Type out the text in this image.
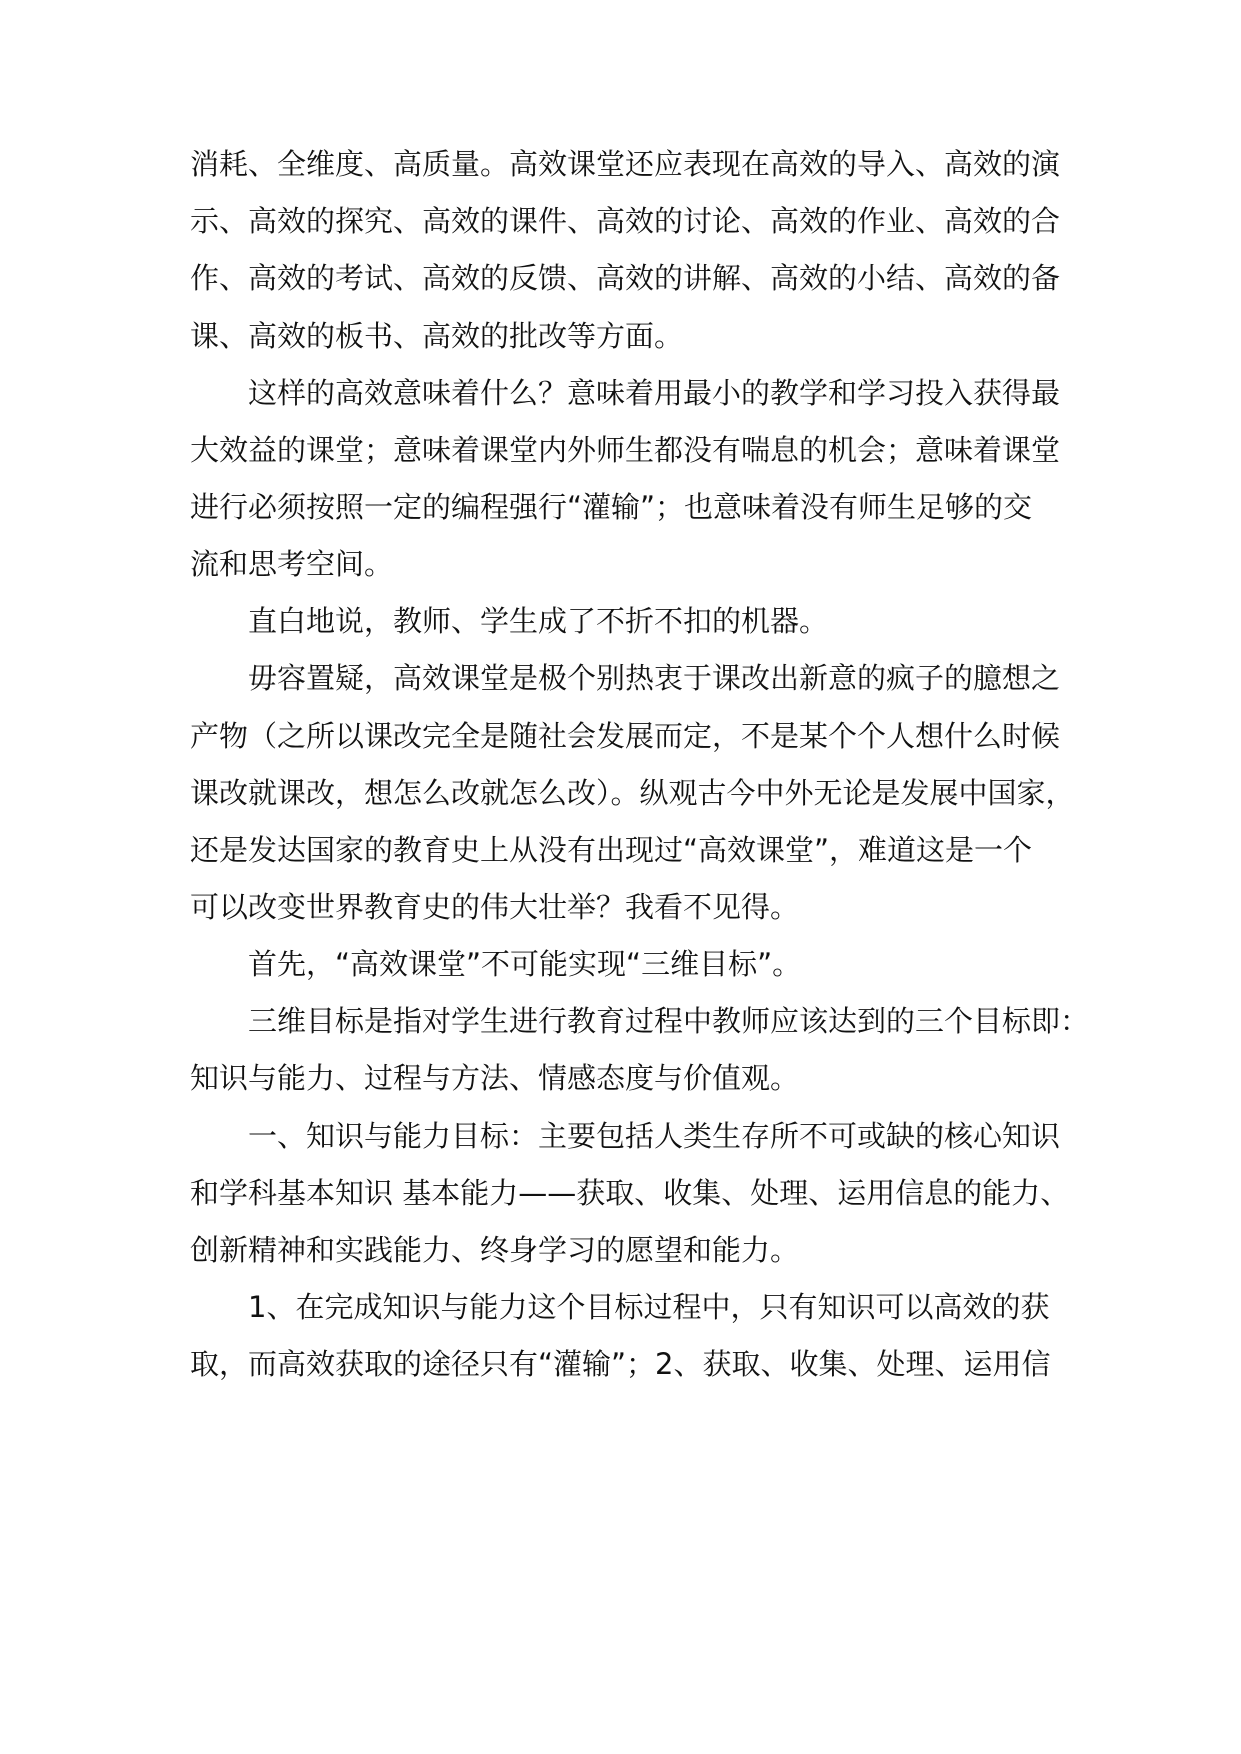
消耗、全维度、高质量。高效课堂还应表现在高效的导入、高效的演
示、高效的探究、高效的课件、高效的讨论、高效的作业、高效的合
作、高效的考试、高效的反馈、高效的讲解、高效的小结、高效的备
课、高效的板书、高效的批改等方面。
这样的高效意味着什么？意味着用最小的教学和学习投入获得最
大效益的课堂；意味着课堂内外师生都没有喘息的机会；意味着课堂
进行必须按照一定的编程强行“灌输”；也意味着没有师生足够的交
流和思考空间。
直白地说，教师、学生成了不折不扣的机器。
毋容置疑，高效课堂是极个别热衷于课改出新意的疯子的臆想之
产物（之所以课改完全是随社会发展而定，不是某个个人想什么时候
课改就课改，想怎么改就怎么改）。纵观古今中外无论是发展中国家，
还是发达国家的教育史上从没有出现过“高效课堂”，难道这是一个
可以改变世界教育史的伟大壮举？我看不见得。
首先，“高效课堂”不可能实现“三维目标”。
三维目标是指对学生进行教育过程中教师应该达到的三个目标即：
知识与能力、过程与方法、情感态度与价值观。
一、知识与能力目标：主要包括人类生存所不可或缺的核心知识
和学科基本知识 基本能力——获取、收集、处理、运用信息的能力、
创新精神和实践能力、终身学习的愿望和能力。
1、在完成知识与能力这个目标过程中，只有知识可以高效的获
取，而高效获取的途径只有“灌输”；2、获取、收集、处理、运用信
